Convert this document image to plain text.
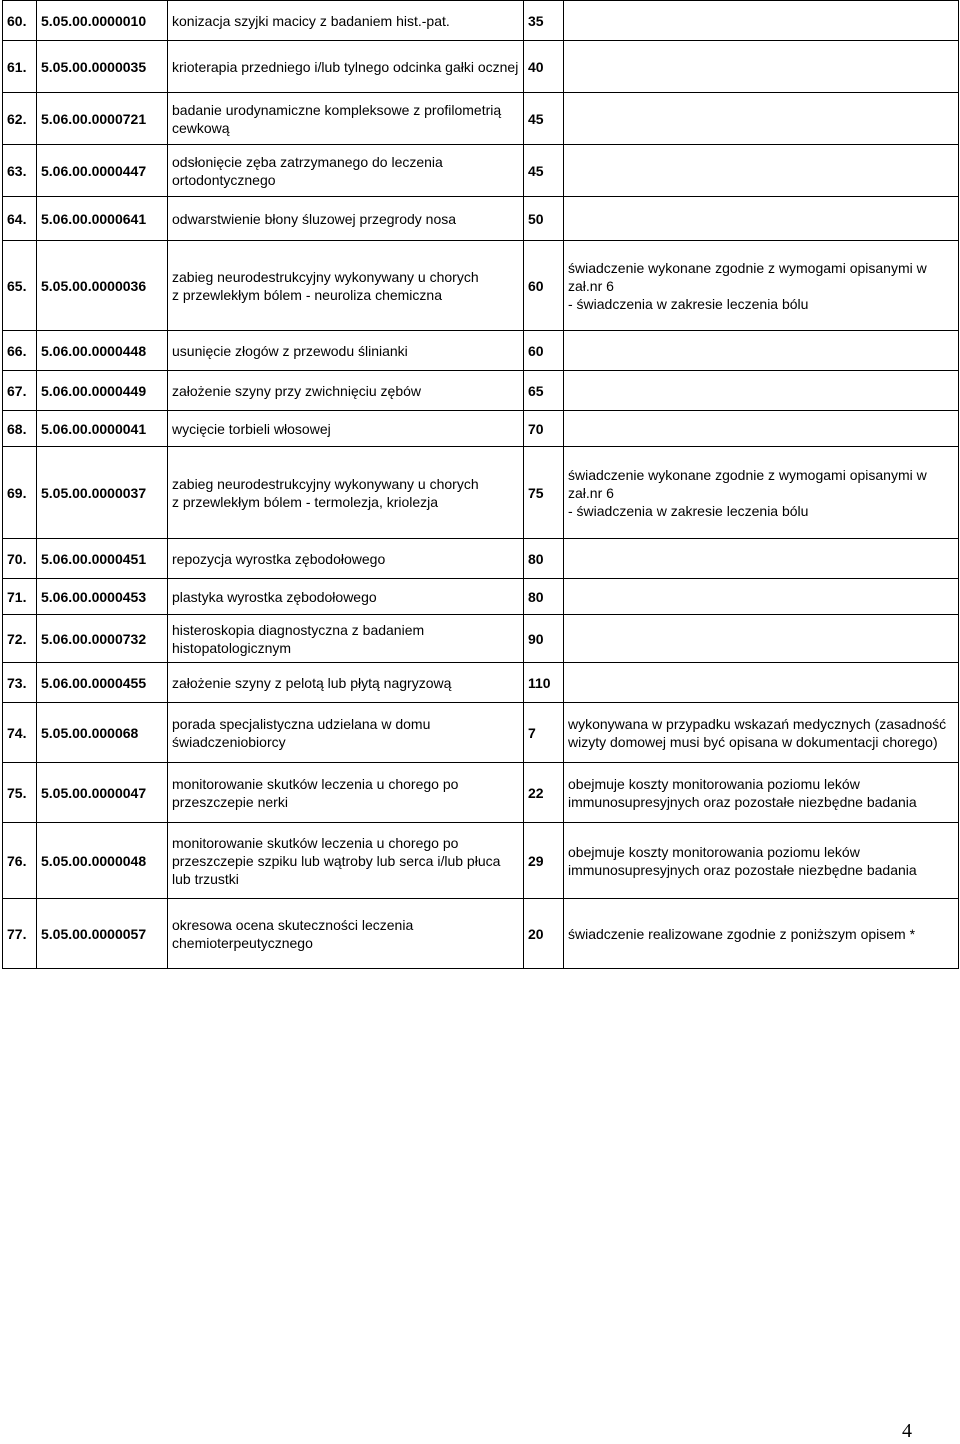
60.	5.05.00.0000010	konizacja szyjki macicy z badaniem hist.-pat.	35	
61.	5.05.00.0000035	krioterapia przedniego i/lub tylnego odcinka gałki ocznej	40	
62.	5.06.00.0000721	badanie urodynamiczne kompleksowe z profilometrią cewkową	45	
63.	5.06.00.0000447	odsłonięcie zęba zatrzymanego do leczenia ortodontycznego	45	
64.	5.06.00.0000641	odwarstwienie błony śluzowej przegrody nosa	50	
65.	5.05.00.0000036	zabieg neurodestrukcyjny wykonywany u chorych
z przewlekłym bólem - neuroliza chemiczna	60	świadczenie wykonane zgodnie z wymogami opisanymi w zał.nr 6
- świadczenia w zakresie leczenia bólu
66.	5.06.00.0000448	usunięcie złogów z przewodu ślinianki	60	
67.	5.06.00.0000449	założenie szyny przy zwichnięciu zębów	65	
68.	5.06.00.0000041	wycięcie torbieli włosowej	70	
69.	5.05.00.0000037	zabieg neurodestrukcyjny wykonywany u chorych
z przewlekłym bólem - termolezja, kriolezja	75	świadczenie wykonane zgodnie z wymogami opisanymi w zał.nr 6
- świadczenia w zakresie leczenia bólu
70.	5.06.00.0000451	repozycja wyrostka zębodołowego	80	
71.	5.06.00.0000453	plastyka wyrostka zębodołowego	80	
72.	5.06.00.0000732	histeroskopia diagnostyczna z badaniem histopatologicznym	90	
73.	5.06.00.0000455	założenie szyny z pelotą lub płytą nagryzową	110	
74.	5.05.00.000068	porada specjalistyczna udzielana w domu świadczeniobiorcy	7	wykonywana w przypadku wskazań medycznych (zasadność wizyty domowej musi być opisana w dokumentacji chorego)
75.	5.05.00.0000047	monitorowanie skutków leczenia u chorego po przeszczepie nerki	22	obejmuje koszty monitorowania poziomu leków immunosupresyjnych oraz pozostałe niezbędne badania
76.	5.05.00.0000048	monitorowanie skutków leczenia u chorego po przeszczepie szpiku lub wątroby lub serca i/lub płuca lub trzustki	29	obejmuje koszty monitorowania poziomu leków immunosupresyjnych oraz pozostałe niezbędne badania
77.	5.05.00.0000057	okresowa ocena skuteczności leczenia chemioterpeutycznego	20	świadczenie realizowane zgodnie z poniższym opisem *
4
